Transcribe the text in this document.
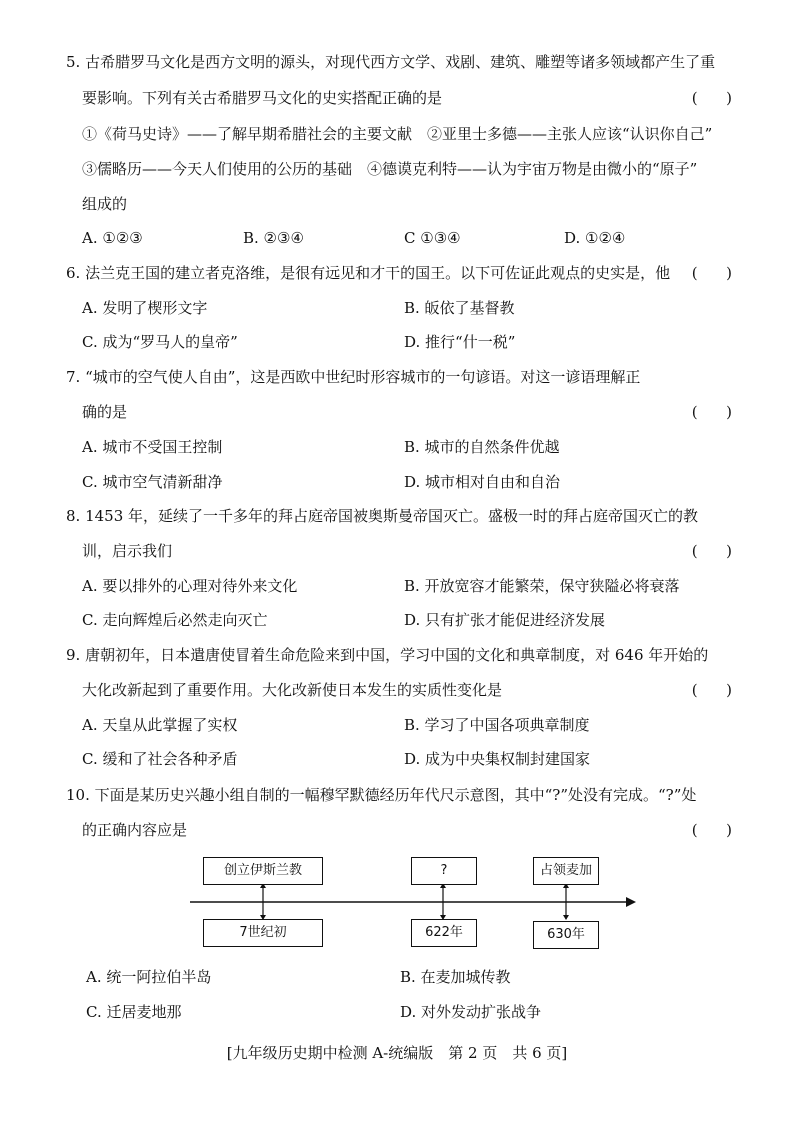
5. 古希腊罗马文化是西方文明的源头，对现代西方文学、戏剧、建筑、雕塑等诸多领域都产生了重
要影响。下列有关古希腊罗马文化的史实搭配正确的是	(      )
①《荷马史诗》——了解早期希腊社会的主要文献　②亚里士多德——主张人应该“认识你自己”
③儒略历——今天人们使用的公历的基础　④德谟克利特——认为宇宙万物是由微小的“原子”
组成的
A. ①②③	B. ②③④	C ①③④	D. ①②④
6. 法兰克王国的建立者克洛维，是很有远见和才干的国王。以下可佐证此观点的史实是，他 (      )
A. 发明了楔形文字	B. 皈依了基督教
C. 成为“罗马人的皇帝”	D. 推行“什一税”
7. “城市的空气使人自由”，这是西欧中世纪时形容城市的一句谚语。对这一谚语理解正
确的是	(      )
A. 城市不受国王控制	B. 城市的自然条件优越
C. 城市空气清新甜净	D. 城市相对自由和自治
8. 1453 年，延续了一千多年的拜占庭帝国被奥斯曼帝国灭亡。盛极一时的拜占庭帝国灭亡的教
训，启示我们	(      )
A. 要以排外的心理对待外来文化	B. 开放宽容才能繁荣，保守狭隘必将衰落
C. 走向辉煌后必然走向灭亡	D. 只有扩张才能促进经济发展
9. 唐朝初年，日本遣唐使冒着生命危险来到中国，学习中国的文化和典章制度，对 646 年开始的
大化改新起到了重要作用。大化改新使日本发生的实质性变化是	(      )
A. 天皇从此掌握了实权	B. 学习了中国各项典章制度
C. 缓和了社会各种矛盾	D. 成为中央集权制封建国家
10. 下面是某历史兴趣小组自制的一幅穆罕默德经历年代尺示意图，其中“?”处没有完成。“?”处
的正确内容应是	(      )
创立伊斯兰教	?	占领麦加
7世纪初	622年	630年
A. 统一阿拉伯半岛	B. 在麦加城传教
C. 迁居麦地那	D. 对外发动扩张战争
[九年级历史期中检测 A-统编版　第 2 页　共 6 页]
